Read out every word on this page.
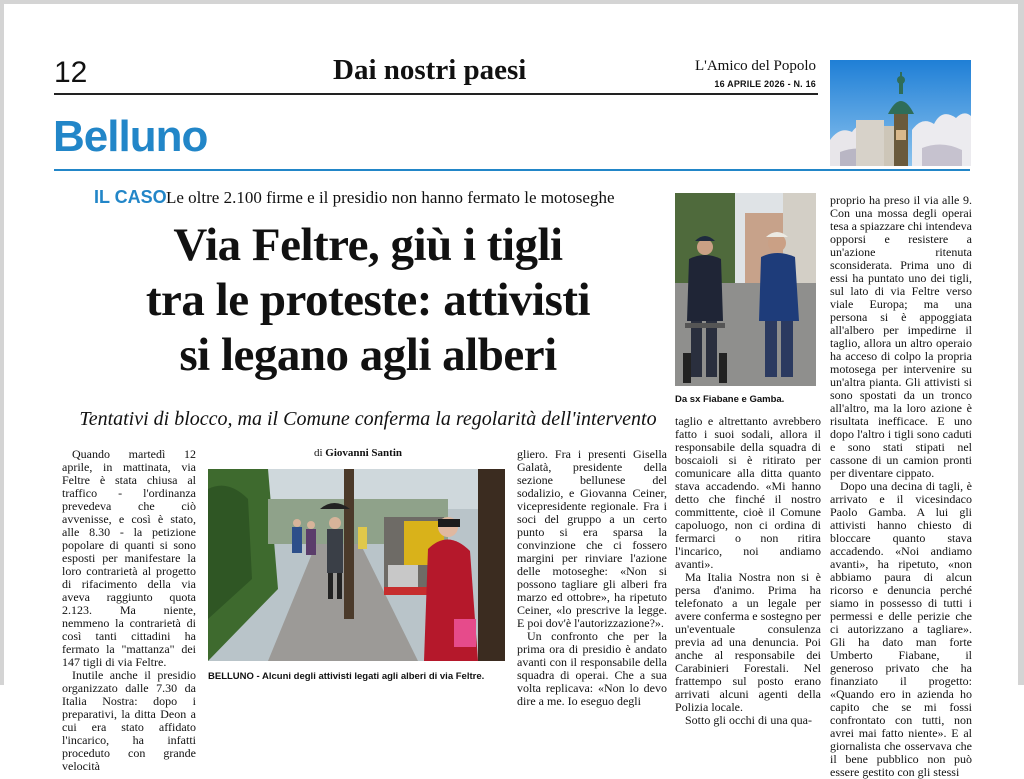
12	Dai nostri paesi	L'Amico del Popolo
16 APRILE 2026 - N. 16
Belluno
IL CASO Le oltre 2.100 firme e il presidio non hanno fermato le motoseghe
Via Feltre, giù i tigli
tra le proteste: attivisti
si legano agli alberi
Tentativi di blocco, ma il Comune conferma la regolarità dell'intervento

Quando martedì 12 aprile, in mattinata, via Feltre è stata chiusa al traffico - l'ordinanza prevedeva che ciò avvenisse, e così è stato, alle 8.30 - la petizione popolare di quanti si sono esposti per manifestare la loro contrarietà al progetto di rifacimento della via aveva raggiunto quota 2.123. Ma niente, nemmeno la contrarietà di così tanti cittadini ha fermato la "mattanza" dei 147 tigli di via Feltre.

Inutile anche il presidio organizzato dalle 7.30 da Italia Nostra: dopo i preparativi, la ditta Deon a cui era stato affidato l'incarico, ha infatti proceduto con grande velocità

di Giovanni Santin
BELLUNO - Alcuni degli attivisti legati agli alberi di via Feltre.

gliero. Fra i presenti Gisella Galatà, presidente della sezione bellunese del sodalizio, e Giovanna Ceiner, vicepresidente regionale. Fra i soci del gruppo a un certo punto si era sparsa la convinzione che ci fossero margini per rinviare l'azione delle motoseghe: «Non si possono tagliare gli alberi fra marzo ed ottobre», ha ripetuto Ceiner, «lo prescrive la legge. E poi dov'è l'autorizzazione?».

Un confronto che per la prima ora di presidio è andato avanti con il responsabile della squadra di operai. Che a sua volta replicava: «Non lo devo dire a me. Io eseguo degli

Da sx Fiabane e Gamba.

taglio e altrettanto avrebbero fatto i suoi sodali, allora il responsabile della squadra di boscaioli si è ritirato per comunicare alla ditta quanto stava accadendo. «Mi hanno detto che finché il nostro committente, cioè il Comune capoluogo, non ci ordina di fermarci o non ritira l'incarico, noi andiamo avanti».

Ma Italia Nostra non si è persa d'animo. Prima ha telefonato a un legale per avere conferma e sostegno per un'eventuale consulenza previa ad una denuncia. Poi anche al responsabile dei Carabinieri Forestali. Nel frattempo sul posto erano arrivati alcuni agenti della Polizia locale.

Sotto gli occhi di una qua-

proprio ha preso il via alle 9. Con una mossa degli operai tesa a spiazzare chi intendeva opporsi e resistere a un'azione ritenuta sconsiderata. Prima uno di essi ha puntato uno dei tigli, sul lato di via Feltre verso viale Europa; ma una persona si è appoggiata all'albero per impedirne il taglio, allora un altro operaio ha acceso di colpo la propria motosega per intervenire su un'altra pianta. Gli attivisti si sono spostati da un tronco all'altro, ma la loro azione è risultata inefficace. E uno dopo l'altro i tigli sono caduti e sono stati stipati nel cassone di un camion pronti per diventare cippato.

Dopo una decina di tagli, è arrivato e il vicesindaco Paolo Gamba. A lui gli attivisti hanno chiesto di bloccare quanto stava accadendo. «Noi andiamo avanti», ha ripetuto, «non abbiamo paura di alcun ricorso e denuncia perché siamo in possesso di tutti i permessi e delle perizie che ci autorizzano a tagliare». Gli ha dato man forte Umberto Fiabane, il generoso privato che ha finanziato il progetto: «Quando ero in azienda ho capito che se mi fossi confrontato con tutti, non avrei mai fatto niente». E al giornalista che osservava che il bene pubblico non può essere gestito con gli stessi
